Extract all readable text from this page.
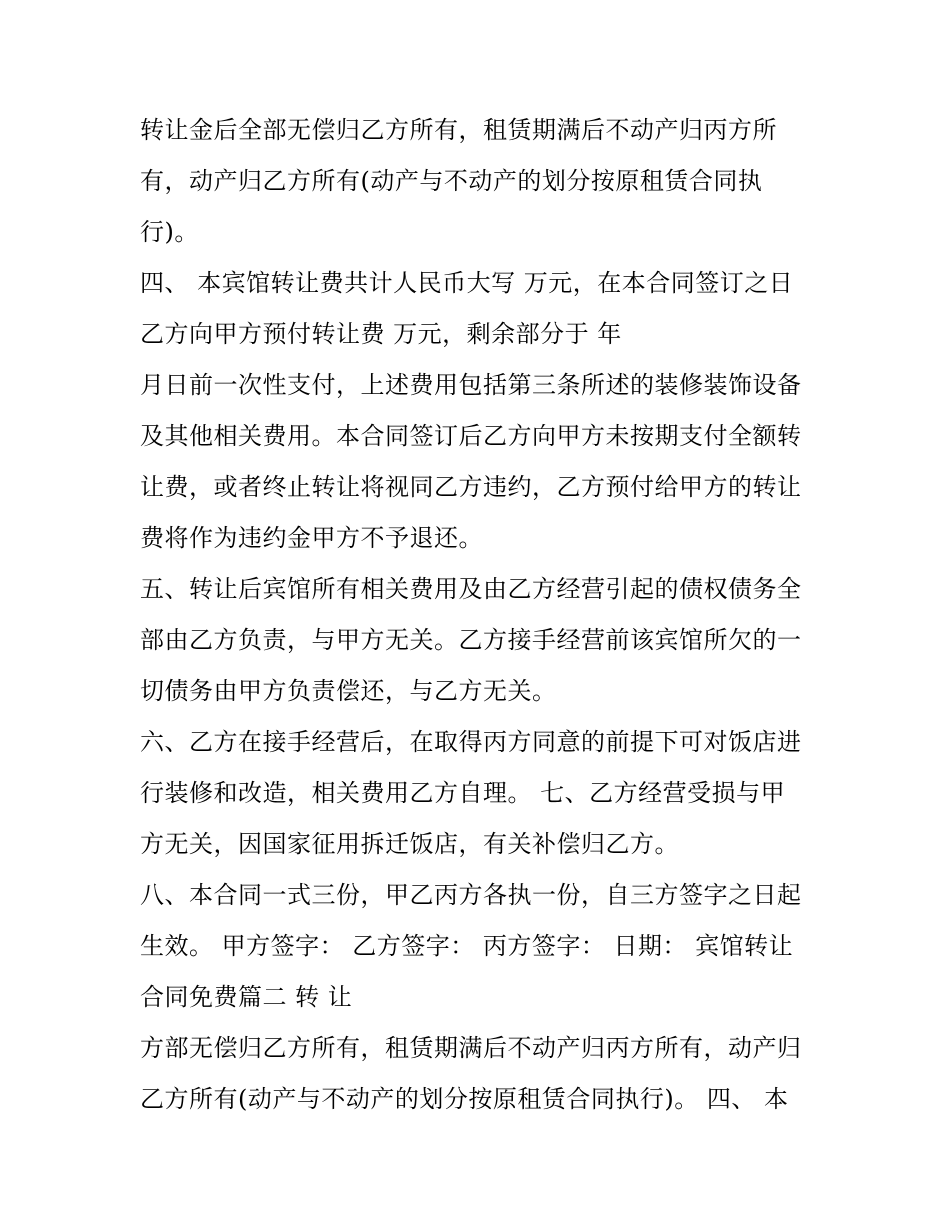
转让金后全部无偿归乙方所有，租赁期满后不动产归丙方所
有，动产归乙方所有(动产与不动产的划分按原租赁合同执
行)。
四、 本宾馆转让费共计人民币大写 万元，在本合同签订之日
乙方向甲方预付转让费 万元，剩余部分于 年
月日前一次性支付，上述费用包括第三条所述的装修装饰设备
及其他相关费用。本合同签订后乙方向甲方未按期支付全额转
让费，或者终止转让将视同乙方违约，乙方预付给甲方的转让
费将作为违约金甲方不予退还。
五、转让后宾馆所有相关费用及由乙方经营引起的债权债务全
部由乙方负责，与甲方无关。乙方接手经营前该宾馆所欠的一
切债务由甲方负责偿还，与乙方无关。
六、乙方在接手经营后，在取得丙方同意的前提下可对饭店进
行装修和改造，相关费用乙方自理。 七、乙方经营受损与甲
方无关，因国家征用拆迁饭店，有关补偿归乙方。
八、本合同一式三份，甲乙丙方各执一份，自三方签字之日起
生效。 甲方签字： 乙方签字： 丙方签字： 日期： 宾馆转让
合同免费篇二 转 让
方部无偿归乙方所有，租赁期满后不动产归丙方所有，动产归
乙方所有(动产与不动产的划分按原租赁合同执行)。 四、 本
